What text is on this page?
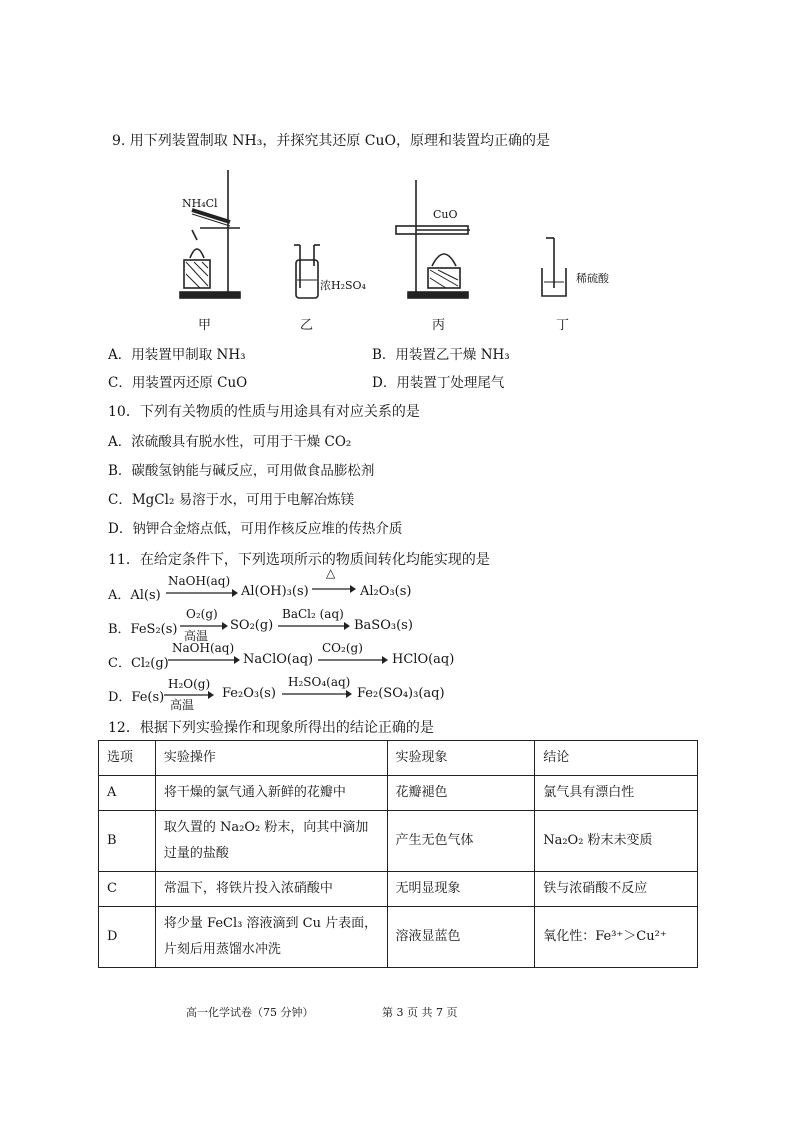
9. 用下列装置制取 NH₃，并探究其还原 CuO，原理和装置均正确的是
NH₄Cl
CuO
浓H₂SO₄
稀硫酸
甲	乙	丙	丁
A．用装置甲制取 NH₃	B．用装置乙干燥 NH₃
C．用装置丙还原 CuO	D．用装置丁处理尾气
10．下列有关物质的性质与用途具有对应关系的是
A．浓硫酸具有脱水性，可用于干燥 CO₂
B．碳酸氢钠能与碱反应，可用做食品膨松剂
C．MgCl₂ 易溶于水，可用于电解冶炼镁
D．钠钾合金熔点低，可用作核反应堆的传热介质
11．在给定条件下，下列选项所示的物质间转化均能实现的是
A．Al(s)
NaOH(aq)
Al(OH)₃(s)
△
Al₂O₃(s)
B．FeS₂(s)
O₂(g)
高温
SO₂(g)
BaCl₂ (aq)
BaSO₃(s)
C．Cl₂(g)
NaOH(aq)
NaClO(aq)
CO₂(g)
HClO(aq)
D．Fe(s)
H₂O(g)
高温
Fe₂O₃(s)
H₂SO₄(aq)
Fe₂(SO₄)₃(aq)
12．根据下列实验操作和现象所得出的结论正确的是
选项	实验操作	实验现象	结论
A	将干燥的氯气通入新鲜的花瓣中	花瓣褪色	氯气具有漂白性
B	取久置的 Na₂O₂ 粉末，向其中滴加过量的盐酸	产生无色气体	Na₂O₂ 粉末未变质
C	常温下，将铁片投入浓硝酸中	无明显现象	铁与浓硝酸不反应
D	将少量 FeCl₃ 溶液滴到 Cu 片表面，片刻后用蒸馏水冲洗	溶液显蓝色	氧化性：Fe³⁺＞Cu²⁺
高一化学试卷（75 分钟）	第 3 页 共 7 页
